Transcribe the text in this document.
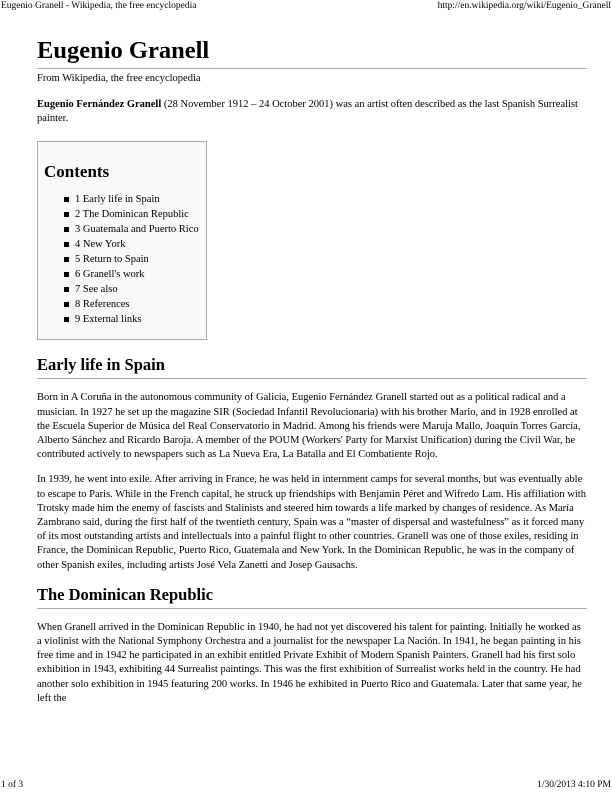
Eugenio Granell - Wikipedia, the free encyclopedia	http://en.wikipedia.org/wiki/Eugenio_Granell
Eugenio Granell
From Wikipedia, the free encyclopedia

Eugenio Fernández Granell (28 November 1912 – 24 October 2001) was an artist often described as the last Spanish Surrealist painter.

Contents
1 Early life in Spain
2 The Dominican Republic
3 Guatemala and Puerto Rico
4 New York
5 Return to Spain
6 Granell's work
7 See also
8 References
9 External links
Early life in Spain

Born in A Coruña in the autonomous community of Galicia, Eugenio Fernández Granell started out as a political radical and a musician. In 1927 he set up the magazine SIR (Sociedad Infantil Revolucionaria) with his brother Mario, and in 1928 enrolled at the Escuela Superior de Música del Real Conservatorio in Madrid. Among his friends were Maruja Mallo, Joaquín Torres García, Alberto Sánchez and Ricardo Baroja. A member of the POUM (Workers' Party for Marxist Unification) during the Civil War, he contributed actively to newspapers such as La Nueva Era, La Batalla and El Combatiente Rojo.

In 1939, he went into exile. After arriving in France, he was held in internment camps for several months, but was eventually able to escape to Paris. While in the French capital, he struck up friendships with Benjamin Péret and Wifredo Lam. His affiliation with Trotsky made him the enemy of fascists and Stalinists and steered him towards a life marked by changes of residence. As María Zambrano said, during the first half of the twentieth century, Spain was a “master of dispersal and wastefulness” as it forced many of its most outstanding artists and intellectuals into a painful flight to other countries. Granell was one of those exiles, residing in France, the Dominican Republic, Puerto Rico, Guatemala and New York. In the Dominican Republic, he was in the company of other Spanish exiles, including artists José Vela Zanetti and Josep Gausachs.

The Dominican Republic

When Granell arrived in the Dominican Republic in 1940, he had not yet discovered his talent for painting. Initially he worked as a violinist with the National Symphony Orchestra and a journalist for the newspaper La Nación. In 1941, he began painting in his free time and in 1942 he participated in an exhibit entitled Private Exhibit of Modern Spanish Painters. Granell had his first solo exhibition in 1943, exhibiting 44 Surrealist paintings. This was the first exhibition of Surrealist works held in the country. He had another solo exhibition in 1945 featuring 200 works. In 1946 he exhibited in Puerto Rico and Guatemala. Later that same year, he left the

1 of 3	1/30/2013 4:10 PM
